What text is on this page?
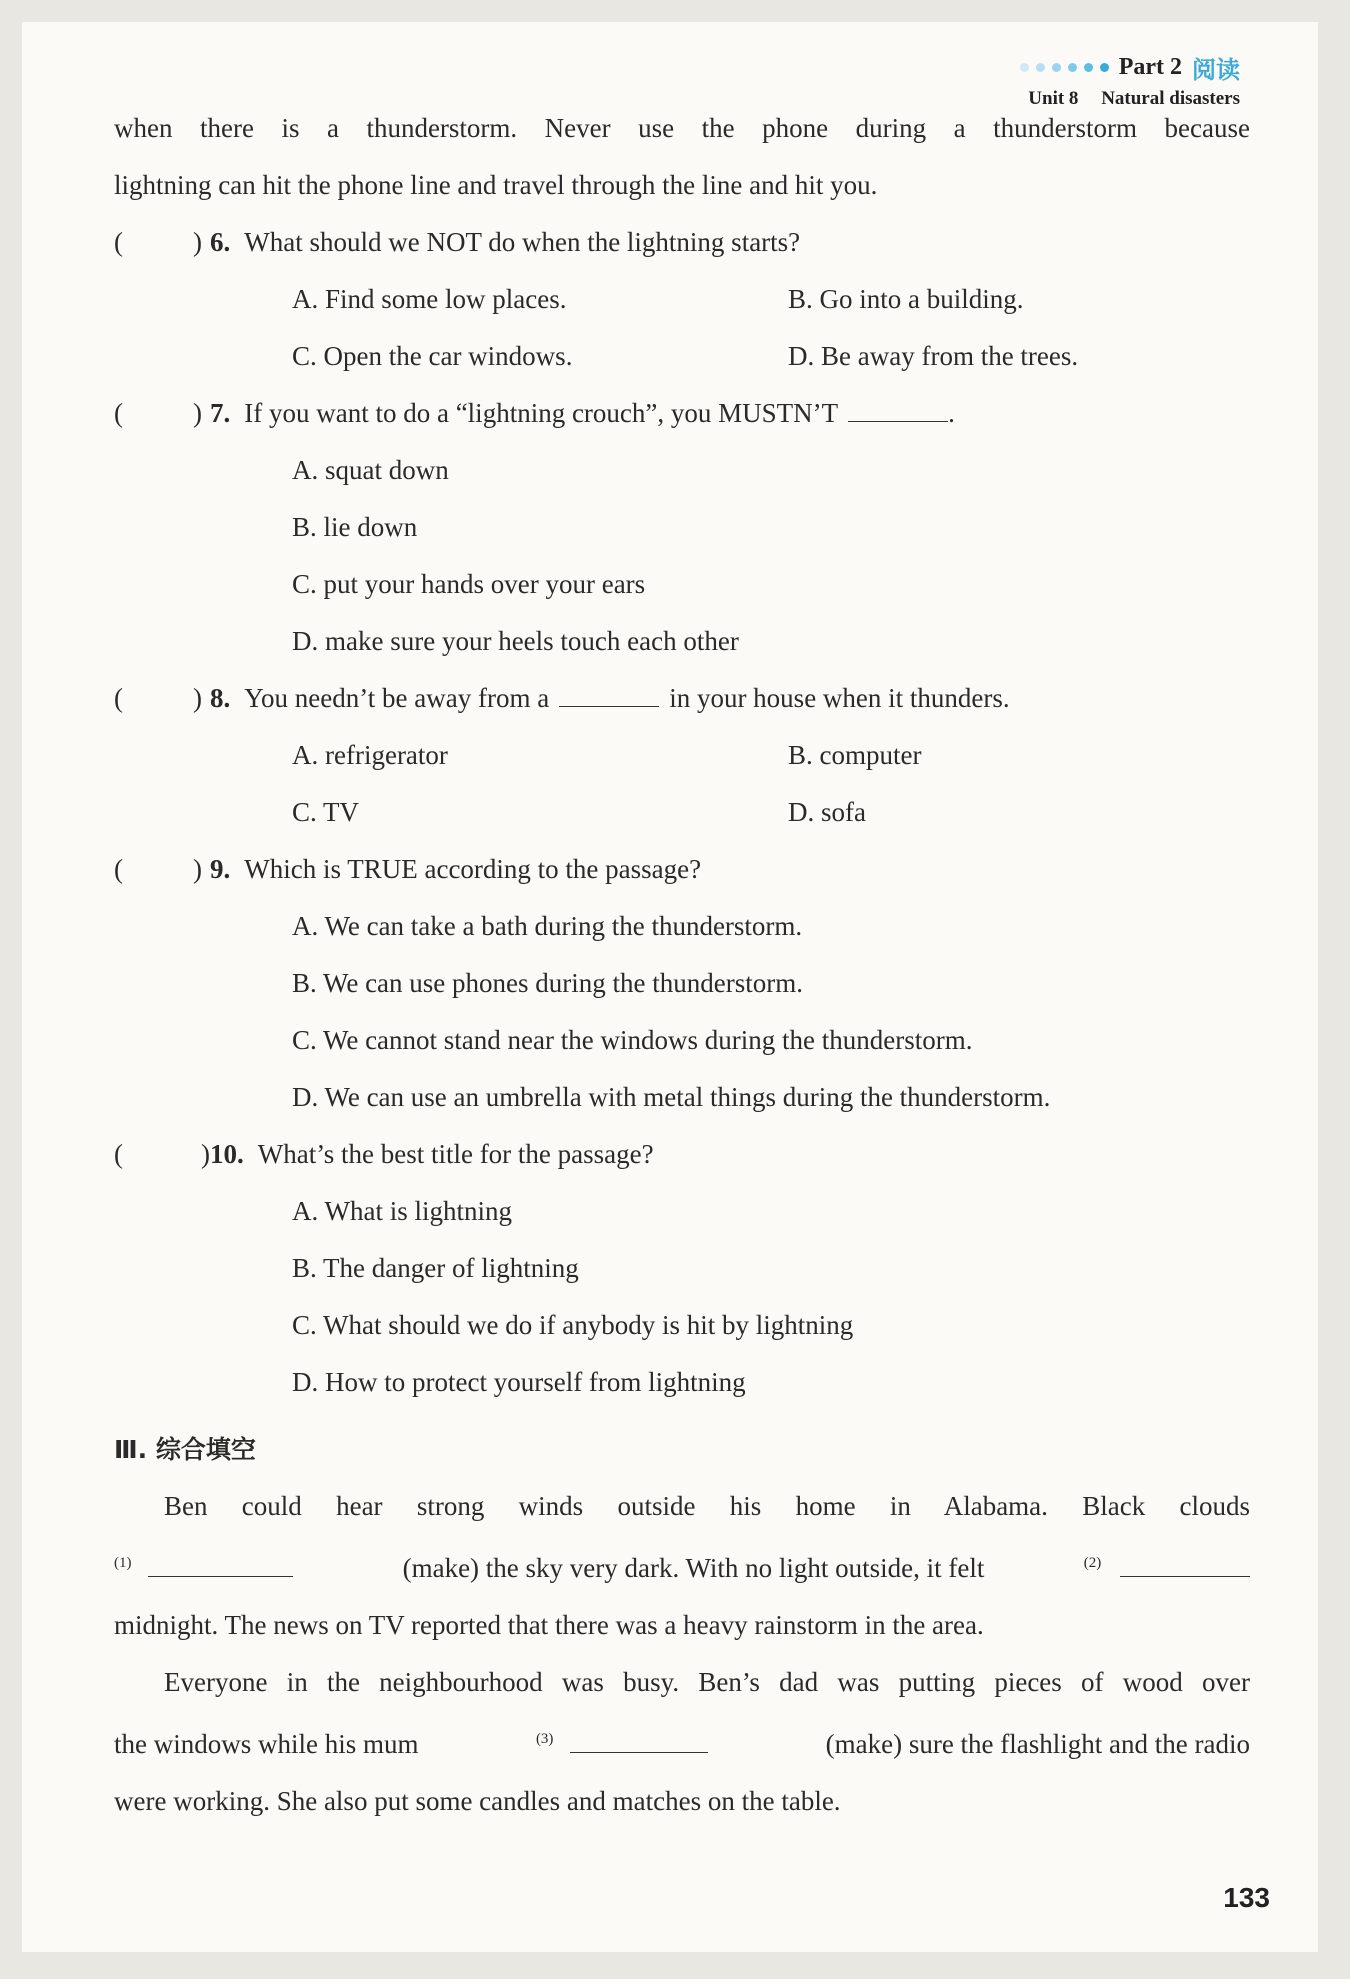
Part 2 阅读
Unit 8 Natural disasters

when there is a thunderstorm. Never use the phone during a thunderstorm because

lightning can hit the phone line and travel through the line and hit you.

(	) 6. What should we NOT do when the lightning starts?
A. Find some low places.	B. Go into a building.
C. Open the car windows.	D. Be away from the trees.
(	) 7. If you want to do a “lightning crouch”, you MUSTN’T	.
A. squat down
B. lie down
C. put your hands over your ears
D. make sure your heels touch each other
(	) 8. You needn’t be away from a	in your house when it thunders.
A. refrigerator	B. computer
C. TV	D. sofa
(	) 9. Which is TRUE according to the passage?
A. We can take a bath during the thunderstorm.
B. We can use phones during the thunderstorm.
C. We cannot stand near the windows during the thunderstorm.
D. We can use an umbrella with metal things during the thunderstorm.
(	) 10. What’s the best title for the passage?
A. What is lightning
B. The danger of lightning
C. What should we do if anybody is hit by lightning
D. How to protect yourself from lightning
Ⅲ. 综合填空

Ben could hear strong winds outside his home in Alabama. Black clouds

$^{(1)}$	(make) the sky very dark. With no light outside, it felt	$^{(2)}$

midnight. The news on TV reported that there was a heavy rainstorm in the area.

Everyone in the neighbourhood was busy. Ben’s dad was putting pieces of wood over

the windows while his mum	$^{(3)}$	(make) sure the flashlight and the radio

were working. She also put some candles and matches on the table.

133
